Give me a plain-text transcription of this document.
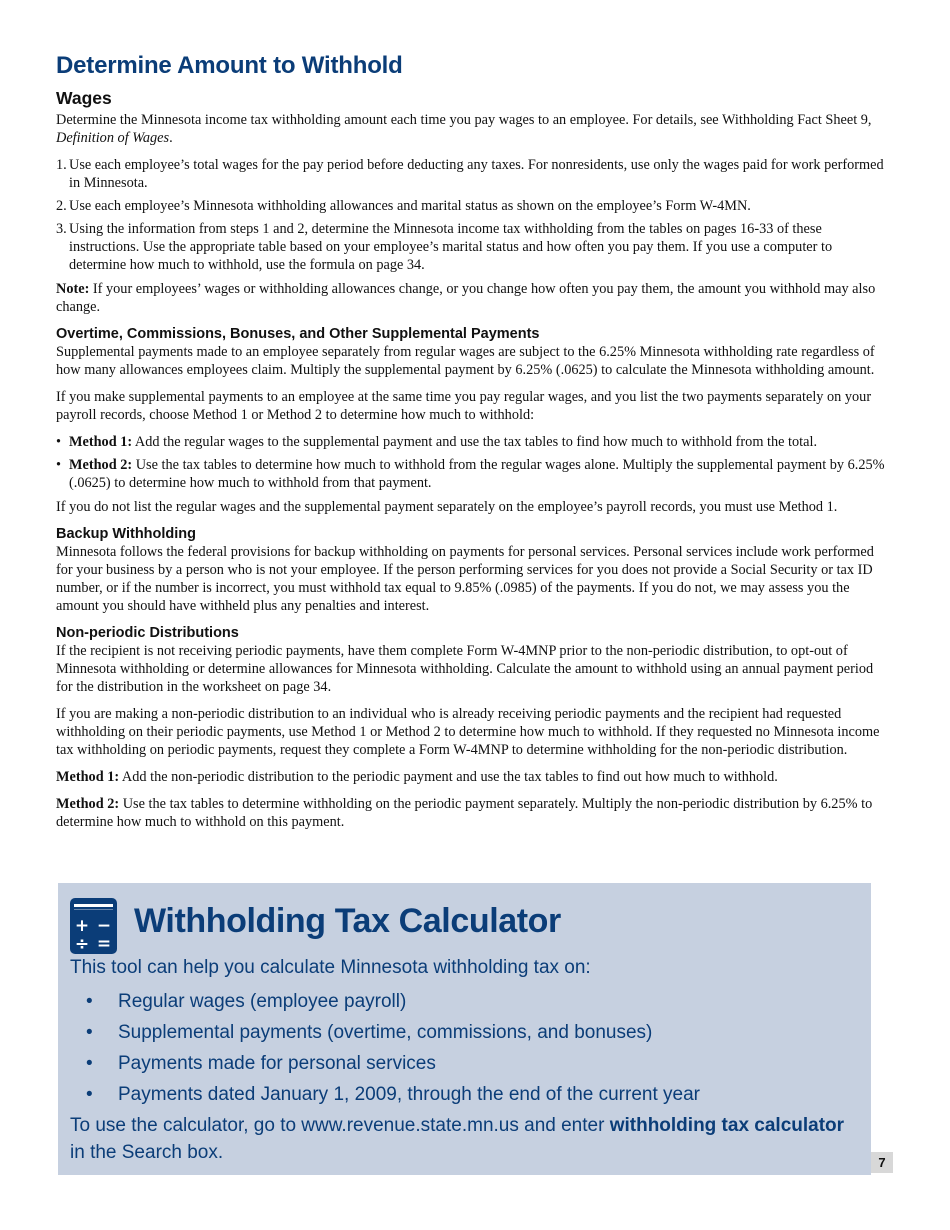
Determine Amount to Withhold
Wages

Determine the Minnesota income tax withholding amount each time you pay wages to an employee. For details, see Withholding Fact Sheet 9, Definition of Wages.

1. Use each employee’s total wages for the pay period before deducting any taxes. For nonresidents, use only the wages paid for work performed in Minnesota.
2. Use each employee’s Minnesota withholding allowances and marital status as shown on the employee’s Form W-4MN.
3. Using the information from steps 1 and 2, determine the Minnesota income tax withholding from the tables on pages 16-33 of these instructions. Use the appropriate table based on your employee’s marital status and how often you pay them. If you use a computer to determine how much to withhold, use the formula on page 34.

Note: If your employees’ wages or withholding allowances change, or you change how often you pay them, the amount you withhold may also change.

Overtime, Commissions, Bonuses, and Other Supplemental Payments

Supplemental payments made to an employee separately from regular wages are subject to the 6.25% Minnesota withholding rate regardless of how many allowances employees claim. Multiply the supplemental payment by 6.25% (.0625) to calculate the Minnesota withholding amount.

If you make supplemental payments to an employee at the same time you pay regular wages, and you list the two payments separately on your payroll records, choose Method 1 or Method 2 to determine how much to withhold:

• Method 1: Add the regular wages to the supplemental payment and use the tax tables to find how much to withhold from the total.
• Method 2: Use the tax tables to determine how much to withhold from the regular wages alone. Multiply the supplemental payment by 6.25% (.0625) to determine how much to withhold from that payment.

If you do not list the regular wages and the supplemental payment separately on the employee’s payroll records, you must use Method 1.

Backup Withholding

Minnesota follows the federal provisions for backup withholding on payments for personal services. Personal services include work performed for your business by a person who is not your employee. If the person performing services for you does not provide a Social Security or tax ID number, or if the number is incorrect, you must withhold tax equal to 9.85% (.0985) of the payments. If you do not, we may assess you the amount you should have withheld plus any penalties and interest.

Non-periodic Distributions

If the recipient is not receiving periodic payments, have them complete Form W-4MNP prior to the non-periodic distribution, to opt-out of Minnesota withholding or determine allowances for Minnesota withholding. Calculate the amount to withhold using an annual payment period for the distribution in the worksheet on page 34.

If you are making a non-periodic distribution to an individual who is already receiving periodic payments and the recipient had requested withholding on their periodic payments, use Method 1 or Method 2 to determine how much to withhold. If they requested no Minnesota income tax withholding on periodic payments, request they complete a Form W-4MNP to determine withholding for the non-periodic distribution.

Method 1: Add the non-periodic distribution to the periodic payment and use the tax tables to find out how much to withhold.

Method 2: Use the tax tables to determine withholding on the periodic payment separately. Multiply the non-periodic distribution by 6.25% to determine how much to withhold on this payment.

+ −
÷ =
Withholding Tax Calculator
This tool can help you calculate Minnesota withholding tax on:
• Regular wages (employee payroll)
• Supplemental payments (overtime, commissions, and bonuses)
• Payments made for personal services
• Payments dated January 1, 2009, through the end of the current year
To use the calculator, go to www.revenue.state.mn.us and enter withholding tax calculator in the Search box.	7
